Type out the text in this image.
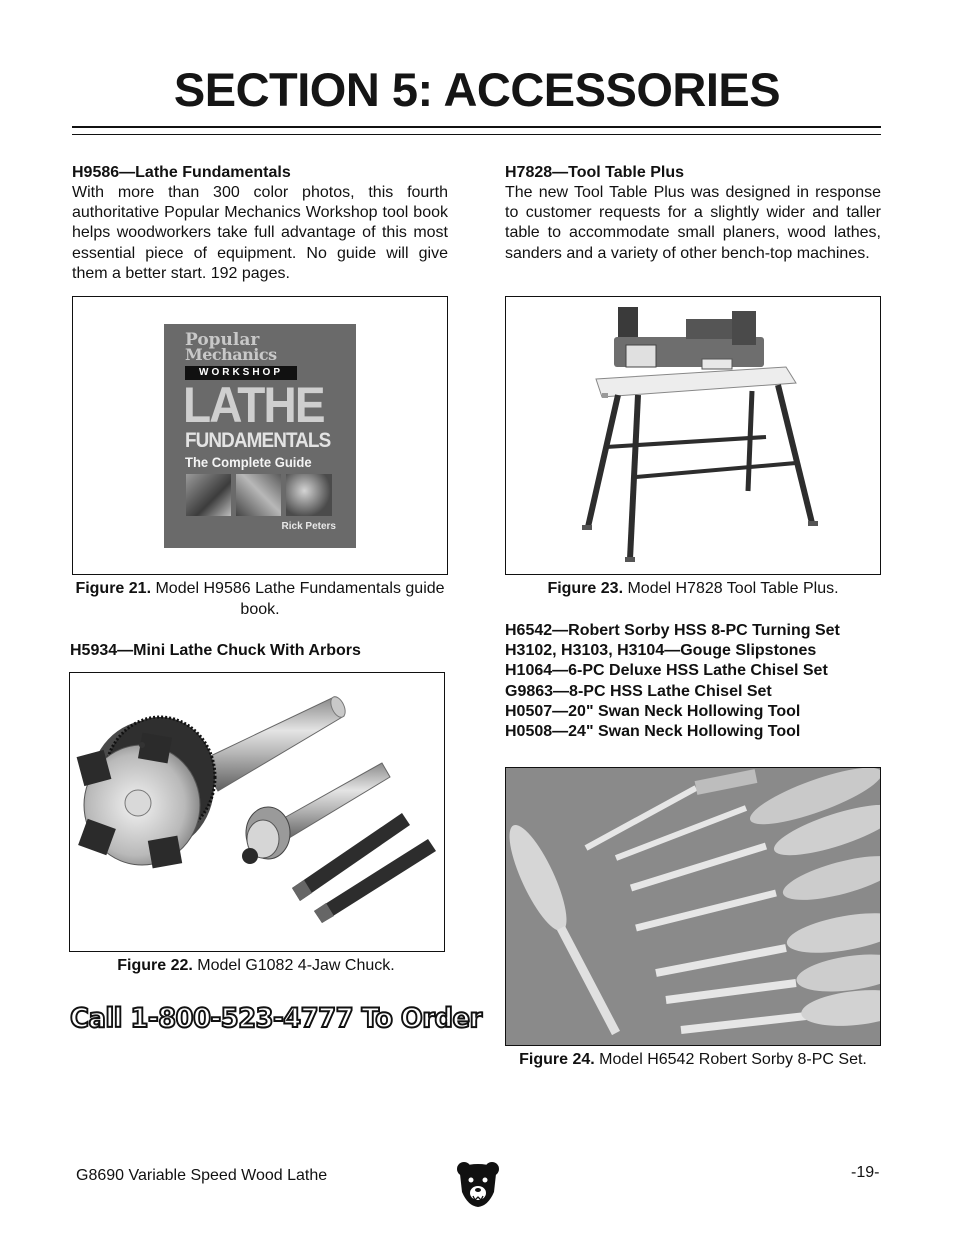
SECTION 5: ACCESSORIES
H9586—Lathe Fundamentals
With more than 300 color photos, this fourth authoritative Popular Mechanics Workshop tool book helps woodworkers take full advantage of this most essential piece of equipment. No guide will give them a better start. 192 pages.
Popular
Mechanics
WORKSHOP
LATHE
FUNDAMENTALS
The Complete Guide
Rick Peters
Figure 21. Model H9586 Lathe Fundamentals guide book.
H5934—Mini Lathe Chuck With Arbors
Figure 22. Model G1082 4-Jaw Chuck.
Call 1-800-523-4777 To Order
H7828—Tool Table Plus
The new Tool Table Plus was designed in response to customer requests for a slightly wider and taller table to accommodate small planers, wood lathes, sanders and a variety of other bench-top machines.
Figure 23. Model H7828 Tool Table Plus.
H6542—Robert Sorby HSS 8-PC Turning Set
H3102, H3103, H3104—Gouge Slipstones
H1064—6-PC Deluxe HSS Lathe Chisel Set
G9863—8-PC HSS Lathe Chisel Set
H0507—20" Swan Neck Hollowing Tool
H0508—24" Swan Neck Hollowing Tool
Figure 24. Model H6542 Robert Sorby 8-PC Set.
G8690 Variable Speed Wood Lathe	-19-
